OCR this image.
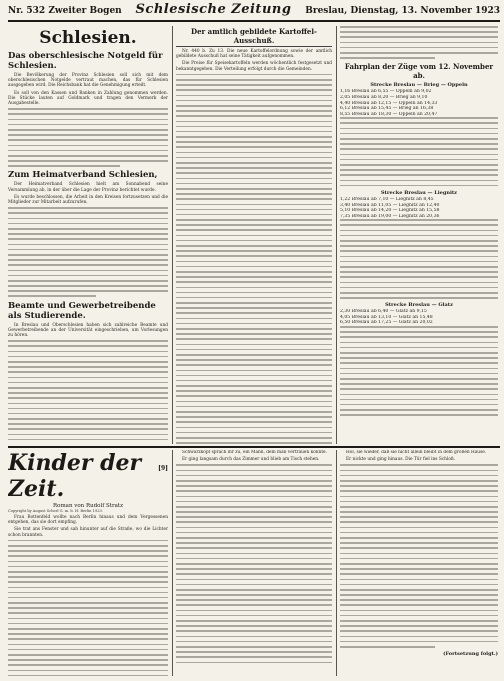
Nr. 532 Zweiter Bogen Schlesische Zeitung Breslau, Dienstag, 13. November 1923
Schlesien.
Das oberschlesische Notgeld für Schlesien.

Die Bevölkerung der Provinz Schlesien soll sich mit dem oberschlesischen Notgelde vertraut machen, das für Schlesien ausgegeben wird. Die Reichsbank hat die Genehmigung erteilt.

Es soll von den Kassen und Banken in Zahlung genommen werden. Die Stücke lauten auf Goldmark und tragen den Vermerk der Ausgabestelle.

Zum Heimatverband Schlesien,

Der Heimatverband Schlesien hielt am Sonnabend seine Versammlung ab, in der über die Lage der Provinz berichtet wurde.

Es wurde beschlossen, die Arbeit in den Kreisen fortzusetzen und die Mitglieder zur Mitarbeit aufzurufen.

Beamte und Gewerbetreibende als Studierende.

In Breslau und Oberschlesien haben sich zahlreiche Beamte und Gewerbetreibende an der Universität eingeschrieben, um Vorlesungen zu hören.

Der amtlich gebildete Kartoffel-Ausschuß.

Nr. 440 b. Zu 13. Die neue Kartoffelordnung sowie der amtlich gebildete Ausschuß hat seine Tätigkeit aufgenommen.

Die Preise für Speisekartoffeln werden wöchentlich festgesetzt und bekanntgegeben. Die Verteilung erfolgt durch die Gemeinden.	Fahrplan der Züge vom 12. November ab.
Strecke Breslau — Brieg — Oppeln
1,16 Breslau ab 6,55 — Oppeln an 9,02
2,05 Breslau ab 8,20 — Brieg an 9,10
4,40 Breslau ab 12,15 — Oppeln an 14,33
6,12 Breslau ab 15,45 — Brieg an 16,38
8,55 Breslau ab 18,30 — Oppeln an 20,47
Strecke Breslau — Liegnitz
1,22 Breslau ab 7,10 — Liegnitz an 8,45
3,40 Breslau ab 11,05 — Liegnitz an 12,40
5,10 Breslau ab 14,20 — Liegnitz an 15,58
7,35 Breslau ab 19,00 — Liegnitz an 20,36
Strecke Breslau — Glatz
2,30 Breslau ab 6,40 — Glatz an 9,15
4,05 Breslau ab 13,10 — Glatz an 15,48
6,50 Breslau ab 17,25 — Glatz an 20,02
Kinder der Zeit.
[9]
Roman von Rudolf Stratz
Copyright by August Scherl G. m. b. H. Berlin 1923.

Frau Rottenfeld wollte nach Berlin hinaus und dem Vergessenen entgehen, das sie dort empfing.

Sie trat ans Fenster und sah hinunter auf die Straße, wo die Lichter schon brannten.

Schwarzkopf sprach ihr zu, ein Mann, dem man vertrauen konnte.

Er ging langsam durch das Zimmer und blieb am Tisch stehen.

Hol, sie wieder, daß sie nicht allein bleibt in dem großen Hause.

Er nickte und ging hinaus. Die Tür fiel ins Schloß.

(Fortsetzung folgt.)
